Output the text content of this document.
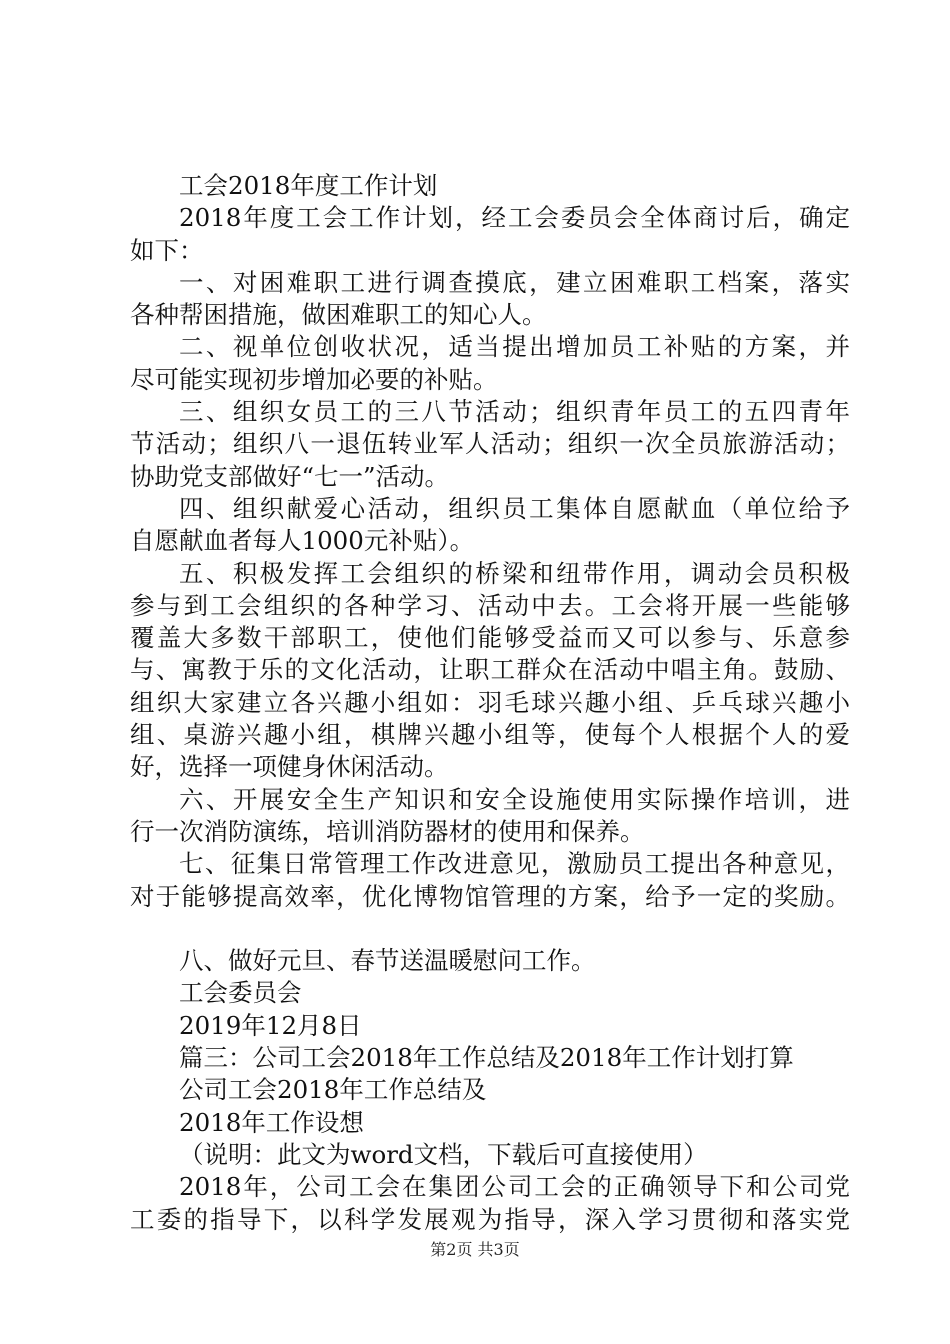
工会2018年度工作计划
2018年度工会工作计划，经工会委员会全体商讨后，确定
如下：
一、对困难职工进行调查摸底，建立困难职工档案，落实
各种帮困措施，做困难职工的知心人。
二、视单位创收状况，适当提出增加员工补贴的方案，并
尽可能实现初步增加必要的补贴。
三、组织女员工的三八节活动；组织青年员工的五四青年
节活动；组织八一退伍转业军人活动；组织一次全员旅游活动；
协助党支部做好“七一”活动。
四、组织献爱心活动，组织员工集体自愿献血（单位给予
自愿献血者每人1000元补贴）。
五、积极发挥工会组织的桥梁和纽带作用，调动会员积极
参与到工会组织的各种学习、活动中去。工会将开展一些能够
覆盖大多数干部职工，使他们能够受益而又可以参与、乐意参
与、寓教于乐的文化活动，让职工群众在活动中唱主角。鼓励、
组织大家建立各兴趣小组如：羽毛球兴趣小组、乒乓球兴趣小
组、桌游兴趣小组，棋牌兴趣小组等，使每个人根据个人的爱
好，选择一项健身休闲活动。
六、开展安全生产知识和安全设施使用实际操作培训，进
行一次消防演练，培训消防器材的使用和保养。
七、征集日常管理工作改进意见，激励员工提出各种意见，
对于能够提高效率，优化博物馆管理的方案，给予一定的奖励。
八、做好元旦、春节送温暖慰问工作。
工会委员会
2019年12月8日
篇三：公司工会2018年工作总结及2018年工作计划打算
公司工会2018年工作总结及
2018年工作设想
（说明：此文为word文档，下载后可直接使用）
2018年，公司工会在集团公司工会的正确领导下和公司党
工委的指导下，以科学发展观为指导，深入学习贯彻和落实党
第2页 共3页
